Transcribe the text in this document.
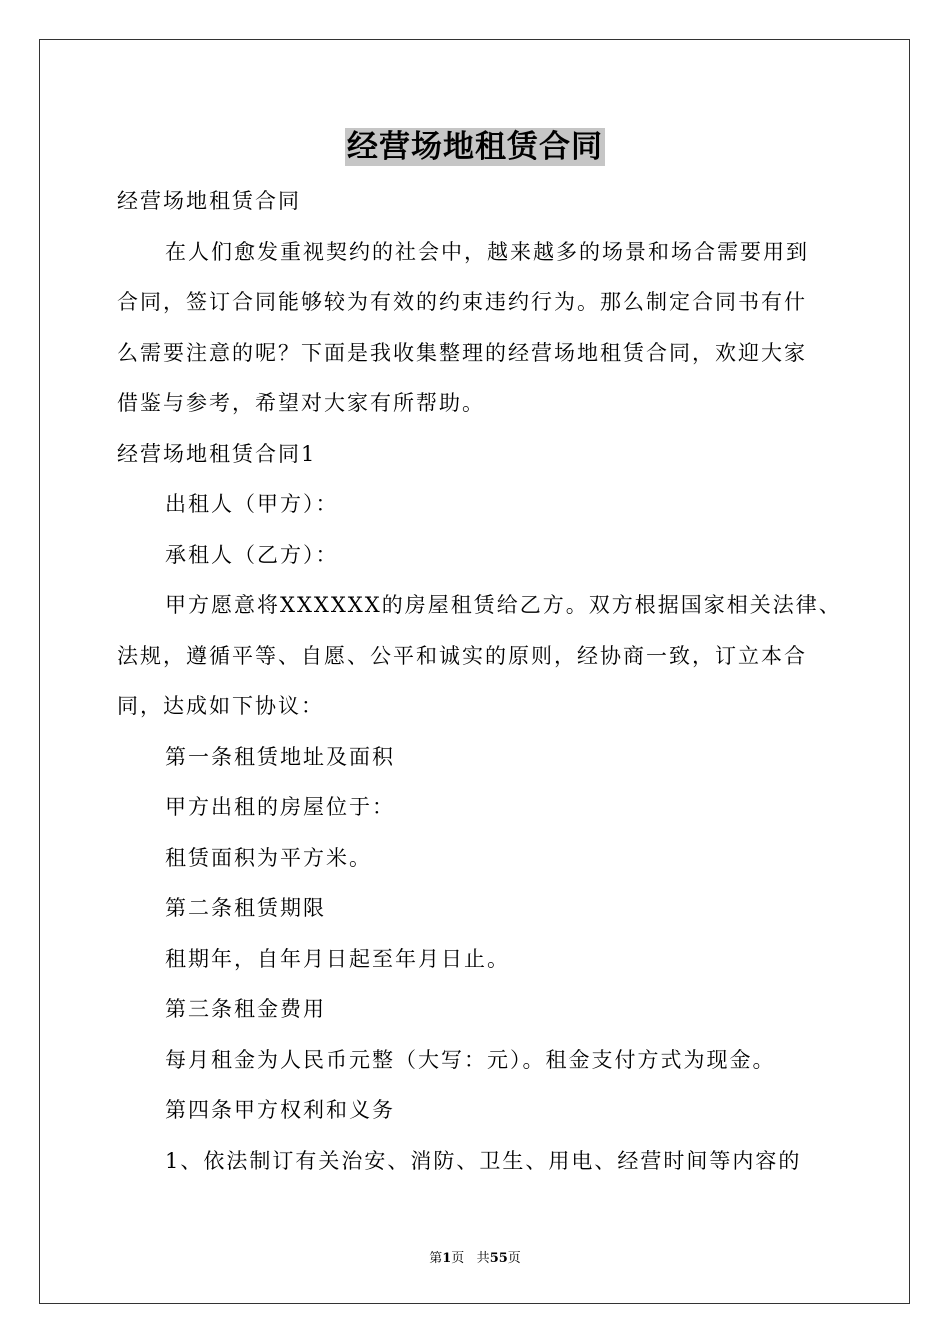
经营场地租赁合同

经营场地租赁合同

在人们愈发重视契约的社会中，越来越多的场景和场合需要用到

合同，签订合同能够较为有效的约束违约行为。那么制定合同书有什

么需要注意的呢？下面是我收集整理的经营场地租赁合同，欢迎大家

借鉴与参考，希望对大家有所帮助。

经营场地租赁合同1

出租人（甲方）：

承租人（乙方）：

甲方愿意将XXXXXX的房屋租赁给乙方。双方根据国家相关法律、

法规，遵循平等、自愿、公平和诚实的原则，经协商一致，订立本合

同，达成如下协议：

第一条租赁地址及面积

甲方出租的房屋位于：

租赁面积为平方米。

第二条租赁期限

租期年，自年月日起至年月日止。

第三条租金费用

每月租金为人民币元整（大写：元）。租金支付方式为现金。

第四条甲方权利和义务

1、依法制订有关治安、消防、卫生、用电、经营时间等内容的

第1页 共55页
